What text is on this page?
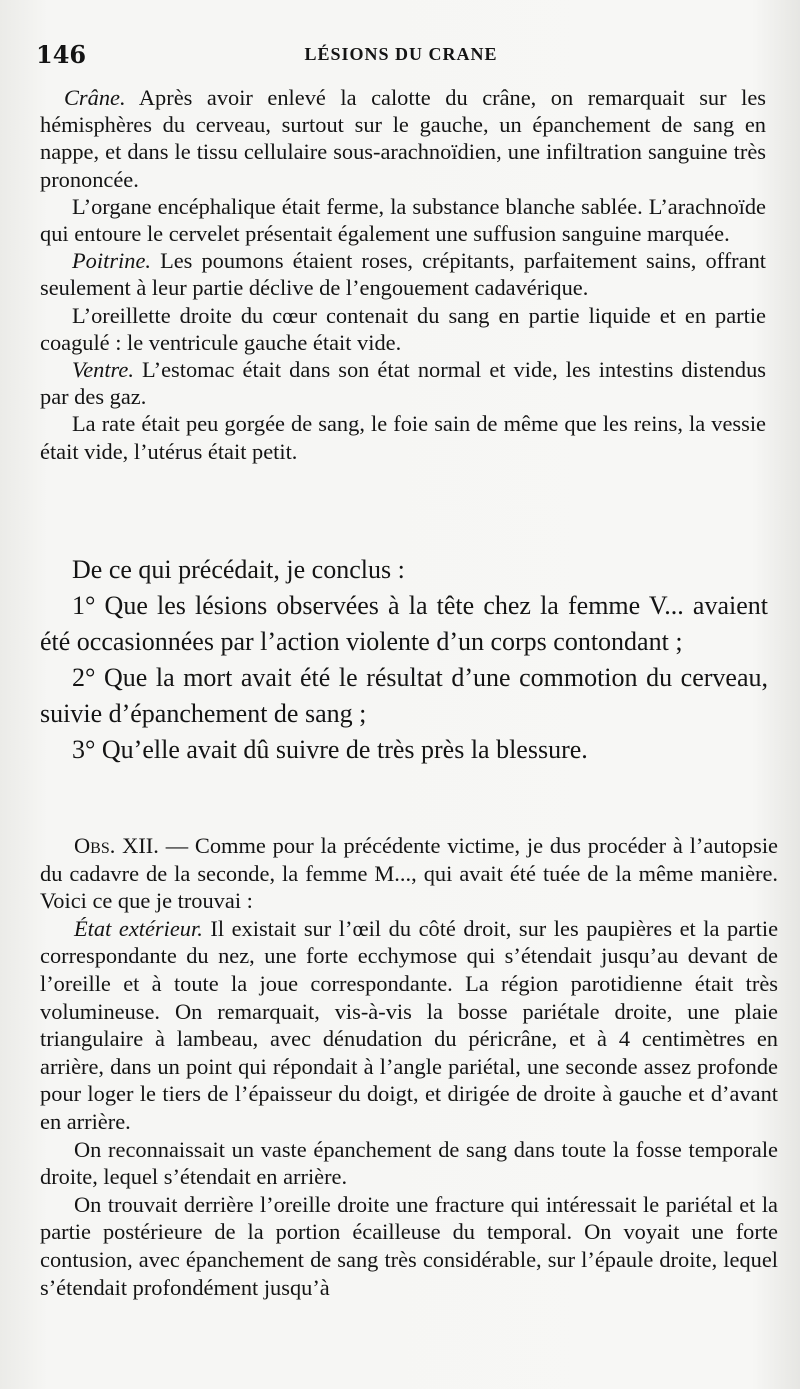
146	LÉSIONS DU CRANE

Crâne. Après avoir enlevé la calotte du crâne, on remarquait sur les hémisphères du cerveau, surtout sur le gauche, un épanchement de sang en nappe, et dans le tissu cellulaire sous-arachnoïdien, une infiltration sanguine très prononcée.

L’organe encéphalique était ferme, la substance blanche sablée. L’arachnoïde qui entoure le cervelet présentait également une suffusion sanguine marquée.

Poitrine. Les poumons étaient roses, crépitants, parfaitement sains, offrant seulement à leur partie déclive de l’engouement cadavérique.

L’oreillette droite du cœur contenait du sang en partie liquide et en partie coagulé : le ventricule gauche était vide.

Ventre. L’estomac était dans son état normal et vide, les intestins distendus par des gaz.

La rate était peu gorgée de sang, le foie sain de même que les reins, la vessie était vide, l’utérus était petit.

De ce qui précédait, je conclus :

1° Que les lésions observées à la tête chez la femme V... avaient été occasionnées par l’action violente d’un corps contondant ;

2° Que la mort avait été le résultat d’une commotion du cerveau, suivie d’épanchement de sang ;

3° Qu’elle avait dû suivre de très près la blessure.

Obs. XII. — Comme pour la précédente victime, je dus procéder à l’autopsie du cadavre de la seconde, la femme M..., qui avait été tuée de la même manière. Voici ce que je trouvai :

État extérieur. Il existait sur l’œil du côté droit, sur les paupières et la partie correspondante du nez, une forte ecchymose qui s’étendait jusqu’au devant de l’oreille et à toute la joue correspondante. La région parotidienne était très volumineuse. On remarquait, vis-à-vis la bosse pariétale droite, une plaie triangulaire à lambeau, avec dénudation du péricrâne, et à 4 centimètres en arrière, dans un point qui répondait à l’angle pariétal, une seconde assez profonde pour loger le tiers de l’épaisseur du doigt, et dirigée de droite à gauche et d’avant en arrière.

On reconnaissait un vaste épanchement de sang dans toute la fosse temporale droite, lequel s’étendait en arrière.

On trouvait derrière l’oreille droite une fracture qui intéressait le pariétal et la partie postérieure de la portion écailleuse du temporal. On voyait une forte contusion, avec épanchement de sang très considérable, sur l’épaule droite, lequel s’étendait profondément jusqu’à
